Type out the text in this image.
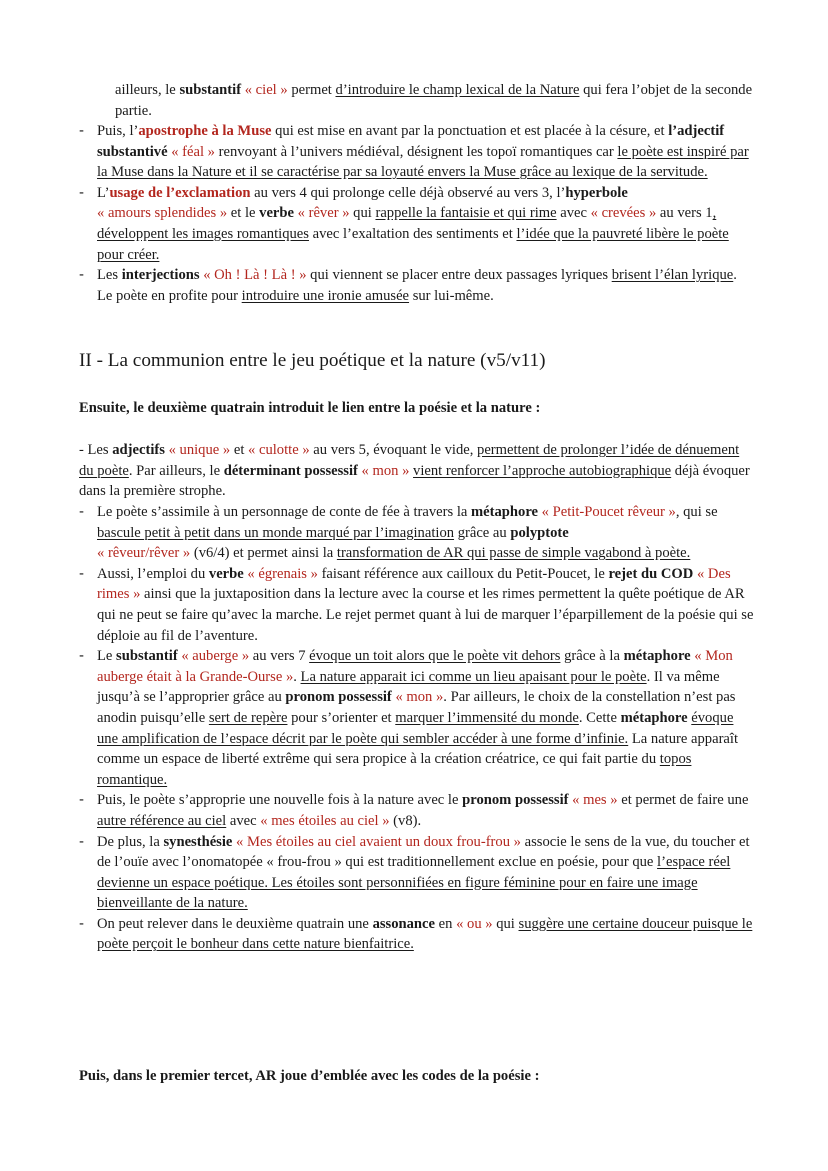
ailleurs, le substantif « ciel » permet d’introduire le champ lexical de la Nature qui fera l’objet de la seconde partie.

- Puis, l’apostrophe à la Muse qui est mise en avant par la ponctuation et est placée à la césure, et l’adjectif substantivé « féal » renvoyant à l’univers médiéval, désignent les topoï romantiques car le poète est inspiré par la Muse dans la Nature et il se caractérise par sa loyauté envers la Muse grâce au lexique de la servitude.
- L’usage de l’exclamation au vers 4 qui prolonge celle déjà observé au vers 3, l’hyperbole
« amours splendides » et le verbe « rêver » qui rappelle la fantaisie et qui rime avec « crevées » au vers 1, développent les images romantiques avec l’exaltation des sentiments et l’idée que la pauvreté libère le poète pour créer.
- Les interjections « Oh ! Là ! Là ! » qui viennent se placer entre deux passages lyriques brisent l’élan lyrique. Le poète en profite pour introduire une ironie amusée sur lui-même.
II - La communion entre le jeu poétique et la nature (v5/v11)

Ensuite, le deuxième quatrain introduit le lien entre la poésie et la nature :

- Les adjectifs « unique » et « culotte » au vers 5, évoquant le vide, permettent de prolonger l’idée de dénuement du poète. Par ailleurs, le déterminant possessif « mon » vient renforcer l’approche autobiographique déjà évoquer dans la première strophe.

- Le poète s’assimile à un personnage de conte de fée à travers la métaphore « Petit-Poucet rêveur », qui se bascule petit à petit dans un monde marqué par l’imagination grâce au polyptote
« rêveur/rêver » (v6/4) et permet ainsi la transformation de AR qui passe de simple vagabond à poète.
- Aussi, l’emploi du verbe « égrenais » faisant référence aux cailloux du Petit-Poucet, le rejet du COD « Des rimes » ainsi que la juxtaposition dans la lecture avec la course et les rimes permettent la quête poétique de AR qui ne peut se faire qu’avec la marche. Le rejet permet quant à lui de marquer l’éparpillement de la poésie qui se déploie au fil de l’aventure.
- Le substantif « auberge » au vers 7 évoque un toit alors que le poète vit dehors grâce à la métaphore « Mon auberge était à la Grande-Ourse ». La nature apparait ici comme un lieu apaisant pour le poète. Il va même jusqu’à se l’approprier grâce au pronom possessif « mon ». Par ailleurs, le choix de la constellation n’est pas anodin puisqu’elle sert de repère pour s’orienter et marquer l’immensité du monde. Cette métaphore évoque une amplification de l’espace décrit par le poète qui sembler accéder à une forme d’infinie. La nature apparaît comme un espace de liberté extrême qui sera propice à la création créatrice, ce qui fait partie du topos romantique.
- Puis, le poète s’approprie une nouvelle fois à la nature avec le pronom possessif « mes » et permet de faire une autre référence au ciel avec « mes étoiles au ciel » (v8).
- De plus, la synesthésie « Mes étoiles au ciel avaient un doux frou-frou » associe le sens de la vue, du toucher et de l’ouïe avec l’onomatopée « frou-frou » qui est traditionnellement exclue en poésie, pour que l’espace réel devienne un espace poétique. Les étoiles sont personnifiées en figure féminine pour en faire une image bienveillante de la nature.
- On peut relever dans le deuxième quatrain une assonance en « ou » qui suggère une certaine douceur puisque le poète perçoit le bonheur dans cette nature bienfaitrice.

Puis, dans le premier tercet, AR joue d’emblée avec les codes de la poésie :
